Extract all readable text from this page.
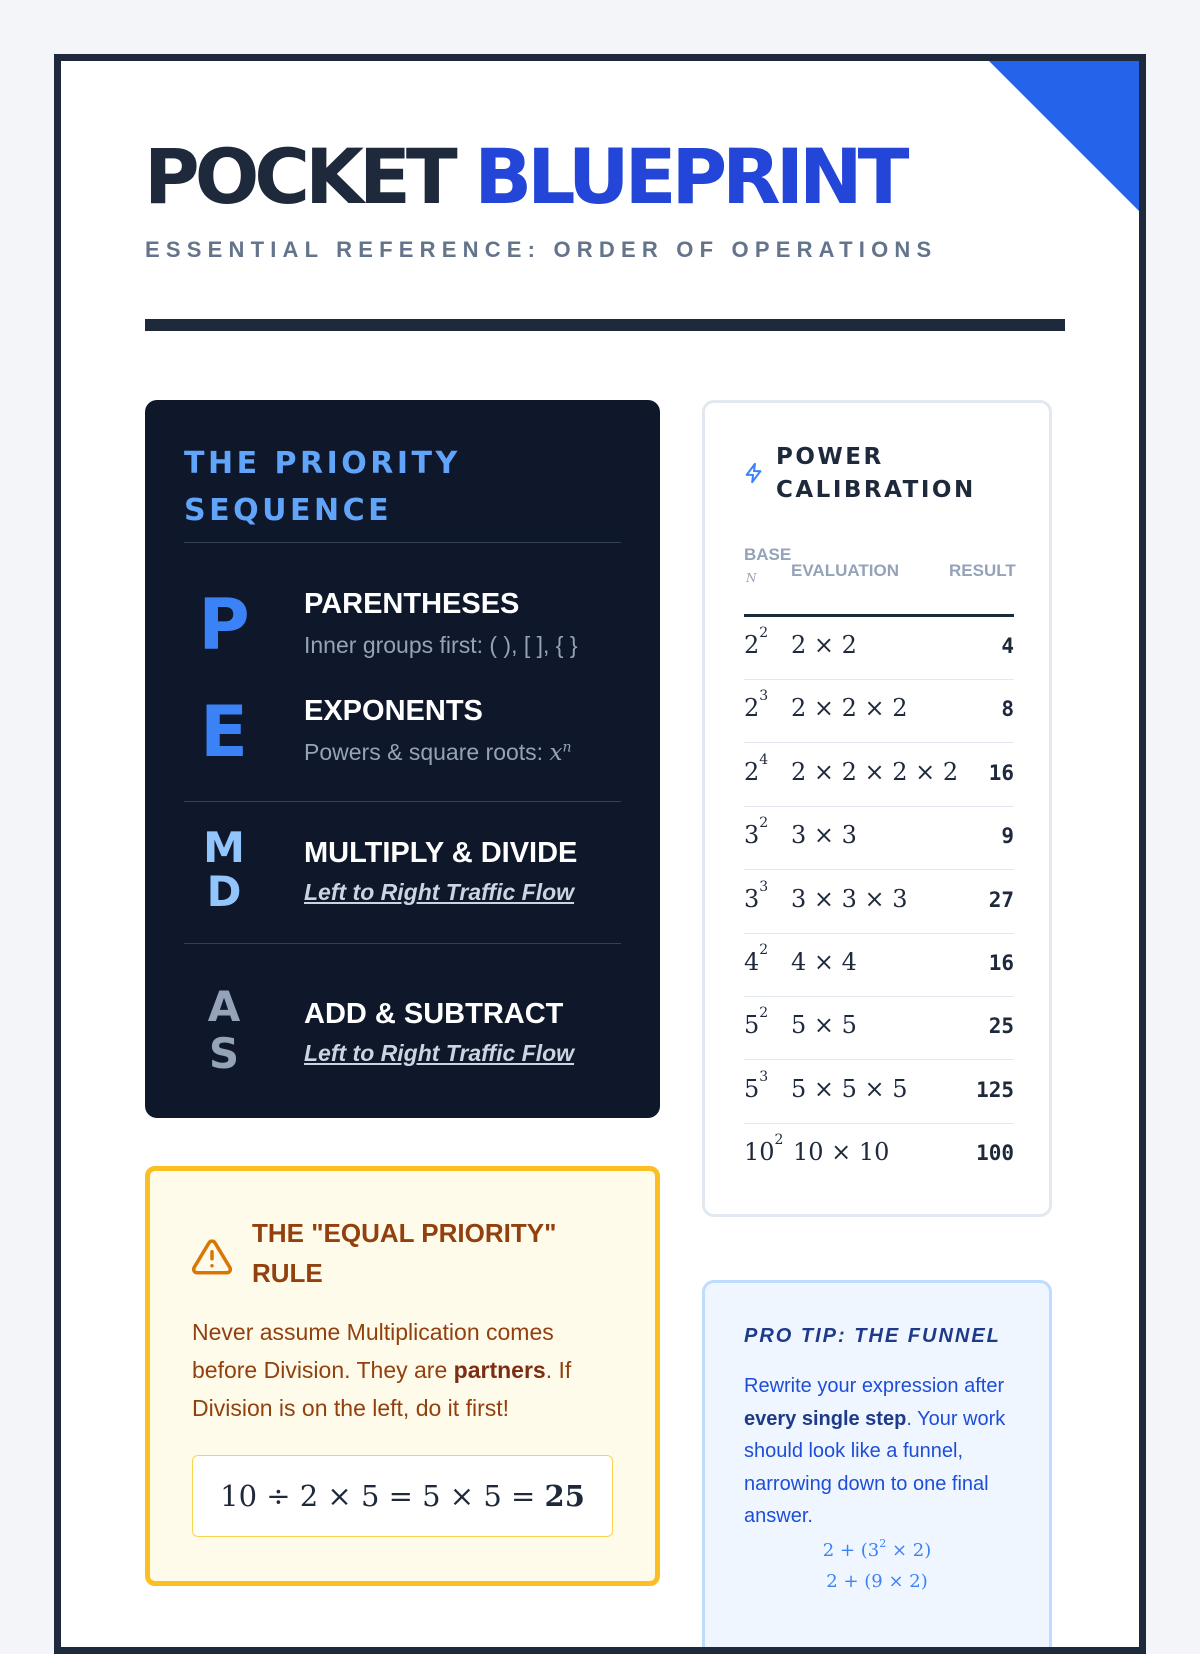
POCKET BLUEPRINT
ESSENTIAL REFERENCE: ORDER OF OPERATIONS
THE PRIORITY SEQUENCE
P	PARENTHESES
Inner groups first: ( ), [ ], { }
E	EXPONENTS
Powers & square roots: $x^n$
M
D
MULTIPLY & DIVIDE
Left to Right Traffic Flow
A
S
ADD & SUBTRACT
Left to Right Traffic Flow
THE "EQUAL PRIORITY" RULE
Never assume Multiplication comes before Division. They are partners. If Division is on the left, do it first!
10 ÷ 2 × 5 = 5 × 5 = 25
POWER CALIBRATION
BASE
N EVALUATION	RESULT
$2^2$ 2 × 2	4
$2^3$ 2 × 2 × 2	8
$2^4$ 2 × 2 × 2 × 2 16
$3^2$ 3 × 3	9
$3^3$ 3 × 3 × 3	27
$4^2$ 4 × 4	16
$5^2$ 5 × 5	25
$5^3$ 5 × 5 × 5	125
$10^2$ 10 × 10	100
PRO TIP: THE FUNNEL
Rewrite your expression after every single step. Your work should look like a funnel, narrowing down to one final answer.
$2 + (3^2 \times 2)$
2 + (9 × 2)
